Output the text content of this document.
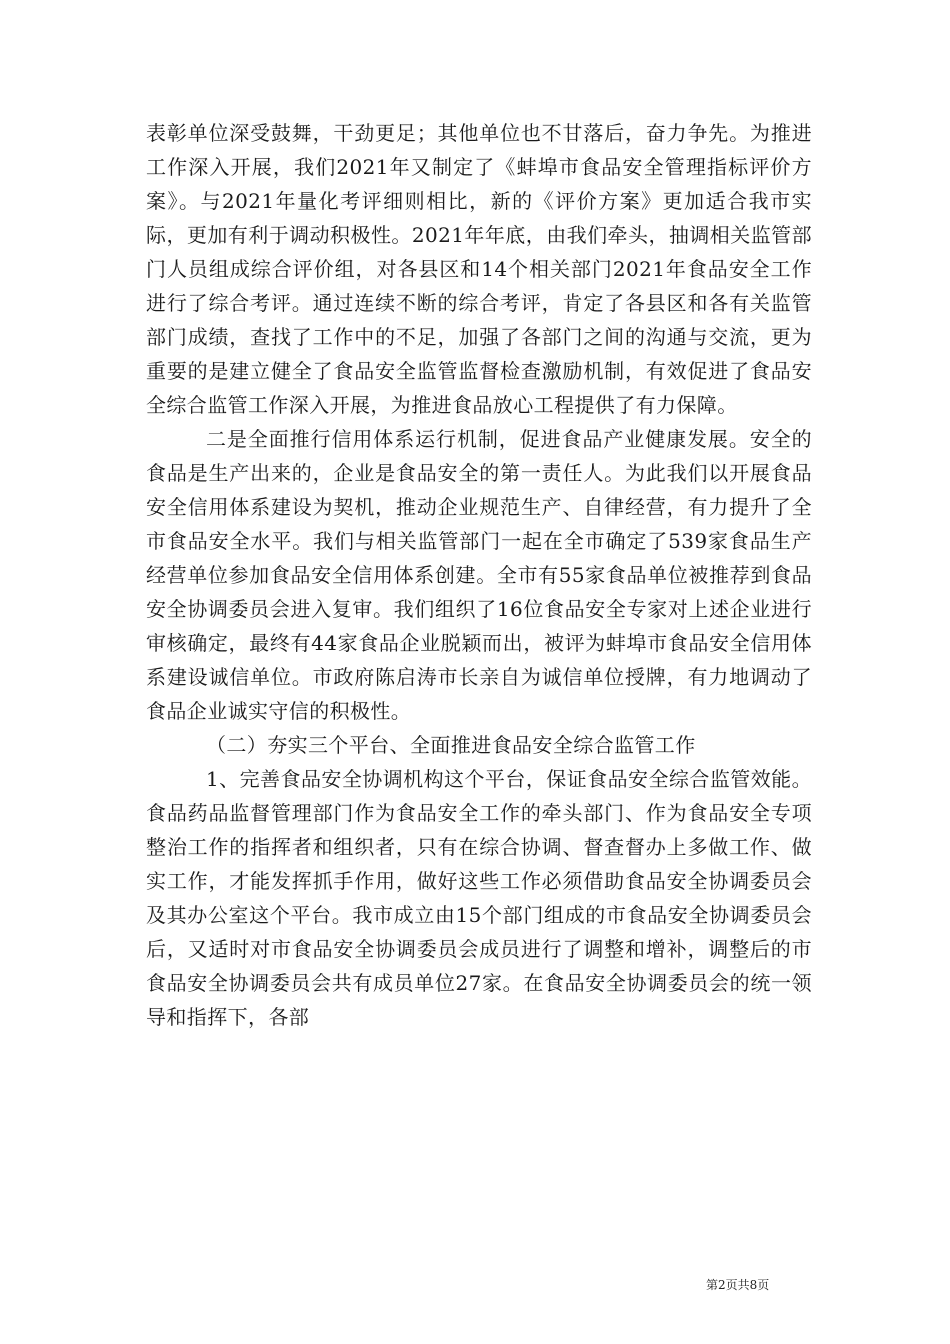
表彰单位深受鼓舞，干劲更足；其他单位也不甘落后，奋力争先。为推进工作深入开展，我们2021年又制定了《蚌埠市食品安全管理指标评价方案》。与2021年量化考评细则相比，新的《评价方案》更加适合我市实际，更加有利于调动积极性。2021年年底，由我们牵头，抽调相关监管部门人员组成综合评价组，对各县区和14个相关部门2021年食品安全工作进行了综合考评。通过连续不断的综合考评，肯定了各县区和各有关监管部门成绩，查找了工作中的不足，加强了各部门之间的沟通与交流，更为重要的是建立健全了食品安全监管监督检查激励机制，有效促进了食品安全综合监管工作深入开展，为推进食品放心工程提供了有力保障。

二是全面推行信用体系运行机制，促进食品产业健康发展。安全的食品是生产出来的，企业是食品安全的第一责任人。为此我们以开展食品安全信用体系建设为契机，推动企业规范生产、自律经营，有力提升了全市食品安全水平。我们与相关监管部门一起在全市确定了539家食品生产经营单位参加食品安全信用体系创建。全市有55家食品单位被推荐到食品安全协调委员会进入复审。我们组织了16位食品安全专家对上述企业进行审核确定，最终有44家食品企业脱颖而出，被评为蚌埠市食品安全信用体系建设诚信单位。市政府陈启涛市长亲自为诚信单位授牌，有力地调动了食品企业诚实守信的积极性。

（二）夯实三个平台、全面推进食品安全综合监管工作

1、完善食品安全协调机构这个平台，保证食品安全综合监管效能。食品药品监督管理部门作为食品安全工作的牵头部门、作为食品安全专项整治工作的指挥者和组织者，只有在综合协调、督查督办上多做工作、做实工作，才能发挥抓手作用，做好这些工作必须借助食品安全协调委员会及其办公室这个平台。我市成立由15个部门组成的市食品安全协调委员会后，又适时对市食品安全协调委员会成员进行了调整和增补，调整后的市食品安全协调委员会共有成员单位27家。在食品安全协调委员会的统一领导和指挥下，各部

第2页共8页
